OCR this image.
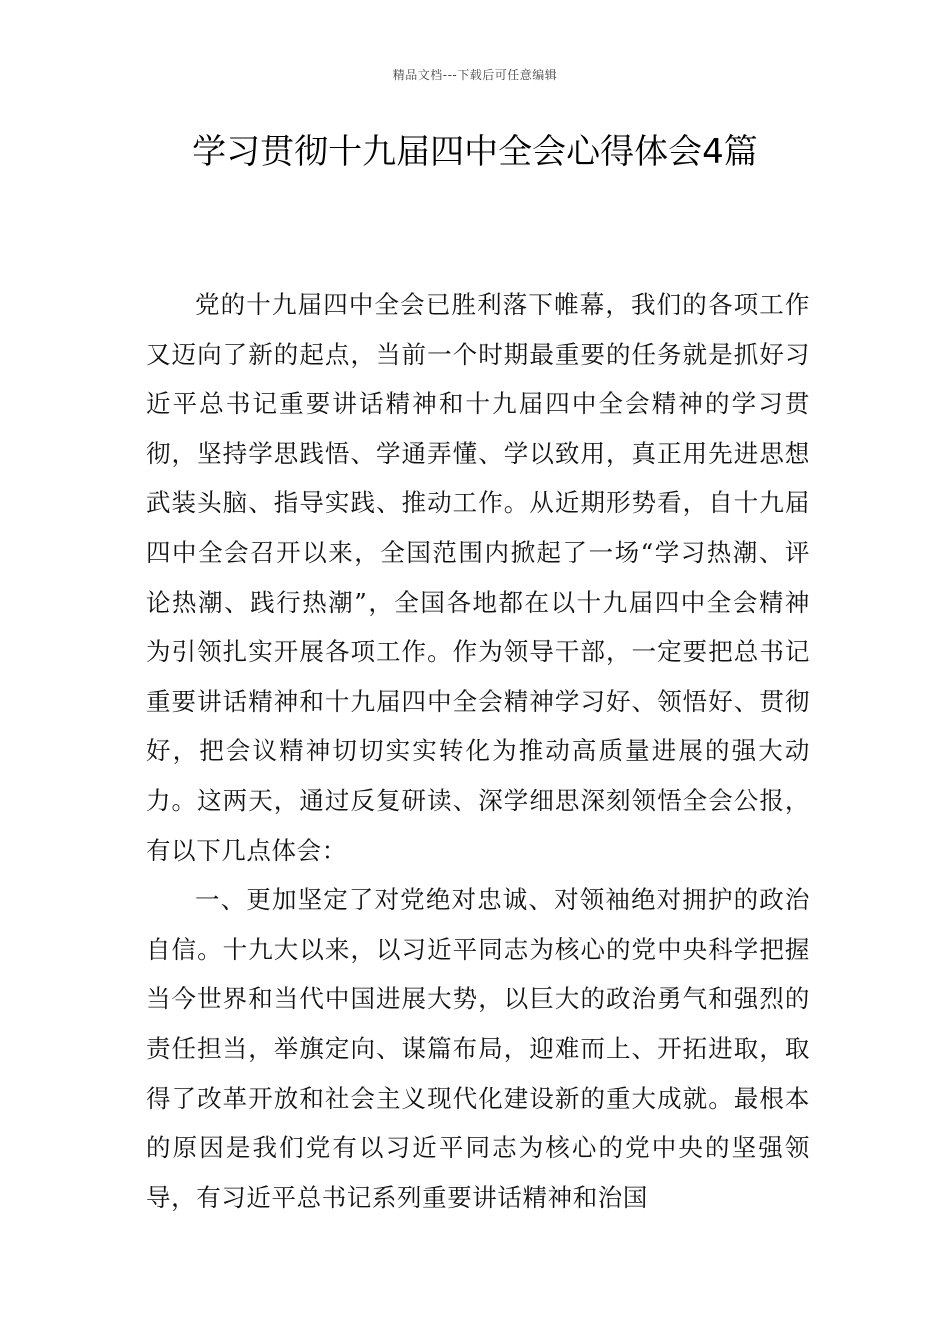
精品文档---下载后可任意编辑
学习贯彻十九届四中全会心得体会4篇

党的十九届四中全会已胜利落下帷幕，我们的各项工作又迈向了新的起点，当前一个时期最重要的任务就是抓好习近平总书记重要讲话精神和十九届四中全会精神的学习贯彻，坚持学思践悟、学通弄懂、学以致用，真正用先进思想武装头脑、指导实践、推动工作。从近期形势看，自十九届四中全会召开以来，全国范围内掀起了一场“学习热潮、评论热潮、践行热潮”，全国各地都在以十九届四中全会精神为引领扎实开展各项工作。作为领导干部，一定要把总书记重要讲话精神和十九届四中全会精神学习好、领悟好、贯彻好，把会议精神切切实实转化为推动高质量进展的强大动力。这两天，通过反复研读、深学细思深刻领悟全会公报，有以下几点体会：

一、更加坚定了对党绝对忠诚、对领袖绝对拥护的政治自信。十九大以来，以习近平同志为核心的党中央科学把握当今世界和当代中国进展大势，以巨大的政治勇气和强烈的责任担当，举旗定向、谋篇布局，迎难而上、开拓进取，取得了改革开放和社会主义现代化建设新的重大成就。最根本的原因是我们党有以习近平同志为核心的党中央的坚强领导，有习近平总书记系列重要讲话精神和治国
